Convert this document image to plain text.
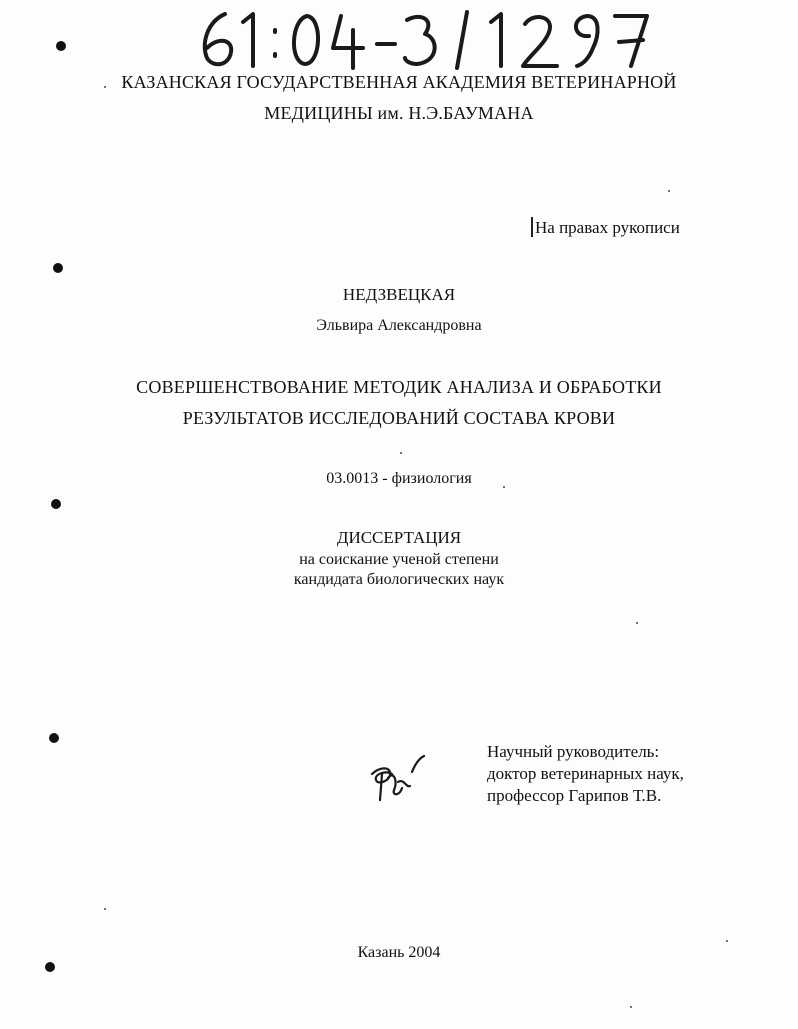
КАЗАНСКАЯ ГОСУДАРСТВЕННАЯ АКАДЕМИЯ ВЕТЕРИНАРНОЙ
МЕДИЦИНЫ им. Н.Э.БАУМАНА
На правах рукописи
НЕДЗВЕЦКАЯ
Эльвира Александровна
СОВЕРШЕНСТВОВАНИЕ МЕТОДИК АНАЛИЗА И ОБРАБОТКИ
РЕЗУЛЬТАТОВ ИССЛЕДОВАНИЙ СОСТАВА КРОВИ
03.0013 - физиология
ДИССЕРТАЦИЯ
на соискание ученой степени
кандидата биологических наук
Научный руководитель:
доктор ветеринарных наук,
профессор Гарипов Т.В.
Казань 2004
